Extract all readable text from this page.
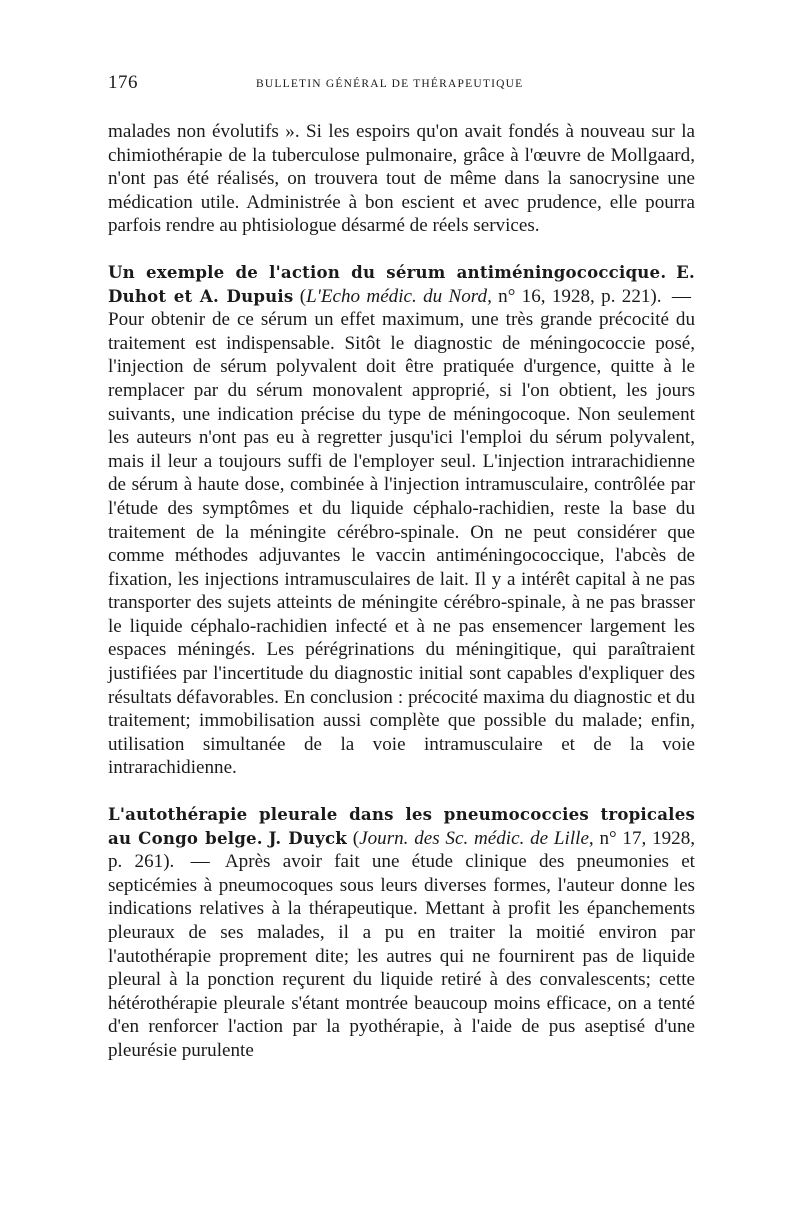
176	BULLETIN GÉNÉRAL DE THÉRAPEUTIQUE

malades non évolutifs ». Si les espoirs qu'on avait fondés à nouveau sur la chimiothérapie de la tuberculose pulmonaire, grâce à l'œuvre de Mollgaard, n'ont pas été réalisés, on trouvera tout de même dans la sanocrysine une médication utile. Administrée à bon escient et avec prudence, elle pourra parfois rendre au phtisiologue désarmé de réels services.

Un exemple de l'action du sérum antiméningococcique. E. Duhot et A. Dupuis (L'Echo médic. du Nord, n° 16, 1928, p. 221). — Pour obtenir de ce sérum un effet maximum, une très grande précocité du traitement est indispensable. Sitôt le diagnostic de méningococcie posé, l'injection de sérum polyvalent doit être pratiquée d'urgence, quitte à le remplacer par du sérum monovalent approprié, si l'on obtient, les jours suivants, une indication précise du type de méningocoque. Non seulement les auteurs n'ont pas eu à regretter jusqu'ici l'emploi du sérum polyvalent, mais il leur a toujours suffi de l'employer seul. L'injection intrarachidienne de sérum à haute dose, combinée à l'injection intramusculaire, contrôlée par l'étude des symptômes et du liquide céphalo-rachidien, reste la base du traitement de la méningite cérébro-spinale. On ne peut considérer que comme méthodes adjuvantes le vaccin antiméningococcique, l'abcès de fixation, les injections intramusculaires de lait. Il y a intérêt capital à ne pas transporter des sujets atteints de méningite cérébro-spinale, à ne pas brasser le liquide céphalo-rachidien infecté et à ne pas ensemencer largement les espaces méningés. Les pérégrinations du méningitique, qui paraîtraient justifiées par l'incertitude du diagnostic initial sont capables d'expliquer des résultats défavorables. En conclusion : précocité maxima du diagnostic et du traitement; immobilisation aussi complète que possible du malade; enfin, utilisation simultanée de la voie intramusculaire et de la voie intrarachidienne.

L'autothérapie pleurale dans les pneumococcies tropicales au Congo belge. J. Duyck (Journ. des Sc. médic. de Lille, n° 17, 1928, p. 261). — Après avoir fait une étude clinique des pneumonies et septicémies à pneumocoques sous leurs diverses formes, l'auteur donne les indications relatives à la thérapeutique. Mettant à profit les épanchements pleuraux de ses malades, il a pu en traiter la moitié environ par l'autothérapie proprement dite; les autres qui ne fournirent pas de liquide pleural à la ponction reçurent du liquide retiré à des convalescents; cette hétérothérapie pleurale s'étant montrée beaucoup moins efficace, on a tenté d'en renforcer l'action par la pyothérapie, à l'aide de pus aseptisé d'une pleurésie purulente
